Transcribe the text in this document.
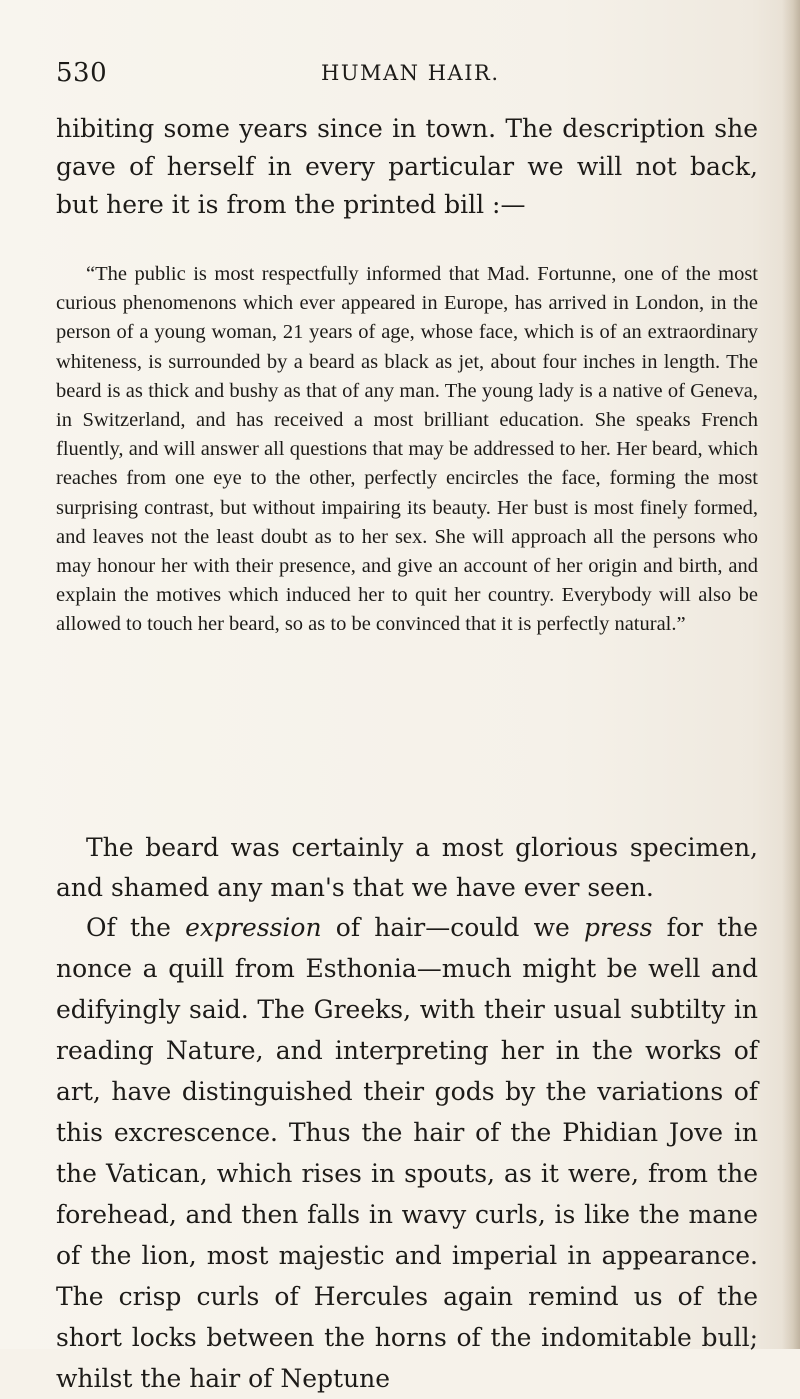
530	HUMAN HAIR.

hibiting some years since in town. The description she gave of herself in every particular we will not back, but here it is from the printed bill :—

“The public is most respectfully informed that Mad. Fortunne, one of the most curious phenomenons which ever appeared in Europe, has arrived in London, in the person of a young woman, 21 years of age, whose face, which is of an extraordinary whiteness, is surrounded by a beard as black as jet, about four inches in length. The beard is as thick and bushy as that of any man. The young lady is a native of Geneva, in Switzerland, and has received a most brilliant education. She speaks French fluently, and will answer all questions that may be addressed to her. Her beard, which reaches from one eye to the other, perfectly encircles the face, forming the most surprising contrast, but without impairing its beauty. Her bust is most finely formed, and leaves not the least doubt as to her sex. She will approach all the persons who may honour her with their presence, and give an account of her origin and birth, and explain the motives which induced her to quit her country. Everybody will also be allowed to touch her beard, so as to be convinced that it is perfectly natural.”

The beard was certainly a most glorious specimen, and shamed any man's that we have ever seen.

Of the expression of hair—could we press for the nonce a quill from Esthonia—much might be well and edifyingly said. The Greeks, with their usual subtilty in reading Nature, and interpreting her in the works of art, have distinguished their gods by the variations of this excrescence. Thus the hair of the Phidian Jove in the Vatican, which rises in spouts, as it were, from the forehead, and then falls in wavy curls, is like the mane of the lion, most majestic and imperial in appearance. The crisp curls of Hercules again remind us of the short locks between the horns of the indomitable bull; whilst the hair of Neptune
